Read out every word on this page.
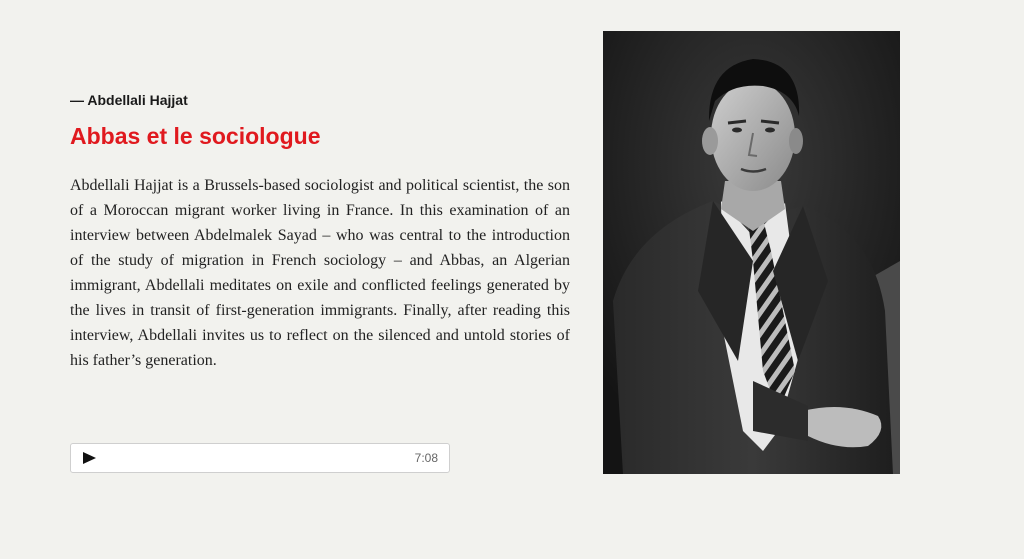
— Abdellali Hajjat

Abbas et le sociologue

Abdellali Hajjat is a Brussels-based sociologist and political scientist, the son of a Moroccan migrant worker living in France. In this examination of an interview between Abdelmalek Sayad – who was central to the introduction of the study of migration in French sociology – and Abbas, an Algerian immigrant, Abdellali meditates on exile and conflicted feelings generated by the lives in transit of first-generation immigrants. Finally, after reading this interview, Abdellali invites us to reflect on the silenced and untold stories of his father’s generation.

7:08
